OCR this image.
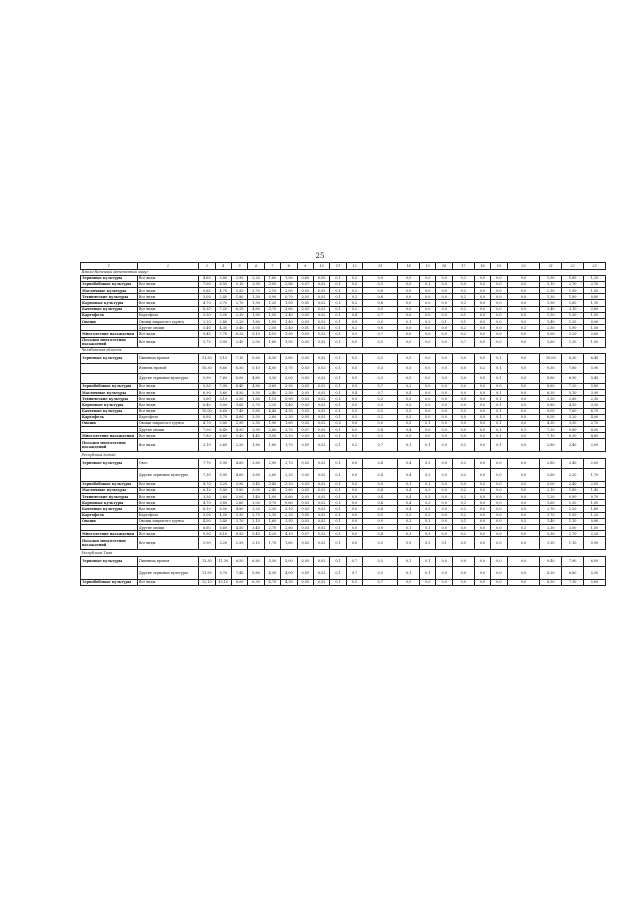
25
1	2	3	4	5	6	7	8	9	10	11	12	13	14	15	16	17	18	19	20	21	22	23
Ямало-Ненецкий автономный округ																						
Зерновые культуры	Все виды	4,60	3,80	2,90	2,20	1,60	1,50	0,60	0,05	0,1	0,2	0,9	0,0	0,0	0,0	0,2	0,0	0,0	0,0	1,90	1,60	1,20
Зернобобовые культуры	Все виды	7,00	6,50	5,10	3,90	3,00	2,86	0,07	0,02	0,1	0,0	0,5	0,0	0,1	0,0	0,0	0,0	0,0	0,0	3,10	2,70	2,10
Масличные культуры	Все виды	5,60	4,70	3,50	2,70	2,10	2,00	0,03	0,02	0,1	0,2	0,8	0,0	0,0	0,0	0,2	0,0	0,0	0,0	2,30	1,90	1,50
Технические культуры	Все виды	3,00	2,40	1,80	1,30	0,90	0,70	0,03	0,02	0,1	0,2	0,8	0,0	0,0	0,0	0,2	0,0	0,0	0,0	1,30	1,00	0,80
Кормовые культуры	Все виды	4,70	3,70	2,70	1,90	1,20	1,00	0,05	0,02	0,1	0,2	0,8	0,0	0,0	0,0	0,2	0,0	0,0	0,0	1,90	1,60	1,10
Бахчевые культуры	Все виды	8,30	7,20	6,20	4,60	3,70	3,60	0,03	0,02	0,1	0,2	0,5	0,0	0,0	0,0	0,2	0,0	0,0	0,0	3,40	3,10	2,60
Картофель	Картофель	3,50	3,00	2,30	1,90	1,50	1,40	0,03	0,02	0,1	0,4	0,7	0,0	0,0	0,0	0,1	0,0	0,0	0,0	1,50	1,30	1,00
Овощи	Овощи закрытого грунта	2,20	2,80	2,20	1,60	1,50	1,40	0,03	0,02	0,1	0,0	0,0	0,1	0,2	0,1	0,1	0,0	0,0	0,5	1,40	1,20	0,90
	Другие овощи	5,40	4,30	3,40	3,00	2,50	2,40	0,01	0,02	0,1	0,2	0,8	0,0	0,0	0,0	0,2	0,0	0,0	0,1	2,50	1,90	1,50
Многолетние насаждения	Все виды	9,40	7,70	6,20	5,10	4,10	3,90	0,03	0,02	0,1	0,3	0,7	0,0	0,0	0,0	0,2	0,0	0,0	0,0	3,90	3,20	2,60
Посадки многолетних насаждений	Все виды	3,70	3,00	2,40	2,00	1,60	1,50	0,03	0,02	0,1	0,0	0,5	0,0	0,0	0,0	0,7	0,0	0,0	0,0	1,60	1,30	1,00
Челябинская область																						
Зерновые культуры	Пшеница яровая	11,30	9,10	7,10	5,60	4,30	3,80	0,03	0,02	0,1	0,5	0,3	0,5	0,0	0,0	0,0	0,0	0,1	0,0	10,00	8,30	6,40
	Ячмень яровой	10,30	8,60	6,50	5,10	4,00	3,70	0,03	0,02	0,1	0,5	0,3	0,5	0,0	0,0	0,0	0,2	0,1	0,0	9,30	7,80	5,90
	Другие зерновые культуры	9,90	7,60	6,00	4,60	3,30	3,00	0,03	0,02	0,1	0,5	0,3	0,5	0,0	0,0	0,0	0,0	0,1	0,0	8,60	6,90	5,40
Зернобобовые культуры	Все виды	9,50	7,90	6,40	4,80	3,60	3,30	0,03	0,02	0,1	0,5	0,7	0,2	0,0	0,0	0,0	0,0	0,0	0,0	8,60	7,20	5,80
Масличные культуры	Все виды	6,90	5,60	4,50	3,50	2,40	2,30	0,03	0,02	0,1	0,4	0,7	0,4	0,0	0,0	0,0	0,0	0,1	0,0	6,30	5,10	3,90
Технические культуры	Все виды	3,60	3,10	2,50	1,60	1,10	0,90	0,03	0,02	0,1	0,5	0,3	0,5	0,0	0,0	0,0	0,0	0,1	0,0	3,30	2,80	2,30
Кормовые культуры	Все виды	6,40	5,00	3,60	2,70	2,20	1,40	0,03	0,02	0,1	0,5	0,3	0,5	0,0	0,0	0,0	0,0	0,1	0,0	5,80	4,50	3,30
Бахчевые культуры	Все виды	10,00	8,60	7,40	5,60	4,40	4,30	0,03	0,02	0,1	0,5	0,3	0,5	0,0	0,0	0,0	0,0	0,1	0,0	9,00	7,60	6,70
Картофель	Картофель	6,60	5,70	4,60	3,50	2,60	2,30	0,05	0,02	0,1	0,5	0,2	0,5	0,0	0,0	0,0	0,0	0,1	0,0	6,00	5,20	4,00
Овощи	Овощи закрытого грунта	4,70	3,80	2,90	2,50	1,90	1,60	0,03	0,02	0,0	0,0	0,0	0,5	0,1	0,0	0,0	0,0	0,1	0,0	4,30	3,50	2,70
	Другие овощи	7,90	6,40	4,90	3,90	2,80	2,70	0,07	0,02	0,1	0,5	0,4	0,4	0,0	0,0	0,0	0,0	0,1	0,1	7,20	5,80	4,50
Многолетние насаждения	Все виды	7,80	6,60	5,40	4,40	3,50	3,20	0,03	0,02	0,1	0,5	0,3	0,5	0,0	0,0	0,0	0,0	0,1	0,0	7,10	6,30	4,80
Посадки многолетних насаждений	Все виды	3,10	2,60	2,20	1,80	1,60	1,70	0,05	0,02	0,1	0,2	0,7	0,1	0,1	0,0	0,2	0,0	0,1	0,0	2,80	2,40	2,00
Республика Алтай																						
Зерновые культуры	Овес	7,70	5,90	4,60	3,60	2,90	2,70	0,03	0,02	0,1	0,0	0,4	0,4	0,3	0,0	0,2	0,0	0,0	0,0	2,80	2,40	2,00
	Другие зерновые культуры	7,30	5,90	4,60	3,60	2,60	2,20	0,03	0,02	0,1	0,0	0,4	0,4	0,3	0,0	0,2	0,0	0,0	0,0	2,60	2,20	1,70
Зернобобовые культуры	Все виды	4,70	3,20	3,90	3,40	3,40	3,20	0,03	0,02	0,1	0,0	0,9	0,1	0,1	0,0	0,0	0,0	0,0	0,0	3,00	2,40	2,00
Масличные культуры	Все виды	6,10	5,00	3,80	3,00	2,40	1,80	0,03	0,02	0,1	0,0	0,4	0,4	0,3	0,0	0,2	0,0	0,0	0,0	2,10	1,80	1,40
Технические культуры	Все виды	3,30	2,60	2,00	1,40	1,00	0,60	0,03	0,02	0,1	0,0	0,4	0,4	0,3	0,0	0,2	0,0	0,0	0,0	1,20	0,90	0,70
Кормовые культуры	Все виды	4,70	3,80	2,60	3,00	0,70	0,60	0,03	0,02	0,1	0,0	0,4	0,4	0,3	0,0	0,2	0,0	0,0	0,0	1,60	1,30	1,00
Бахчевые культуры	Все виды	8,10	6,50	4,80	3,20	2,30	2,10	0,03	0,02	0,1	0,0	0,4	0,4	0,3	0,0	0,2	0,0	0,0	0,0	2,70	2,20	1,60
Картофель	Картофель	5,00	4,50	3,30	2,70	2,30	2,20	0,05	0,02	0,1	0,0	0,5	0,2	0,3	0,0	0,2	0,0	0,0	0,0	1,70	1,50	1,20
Овощи	Овощи закрытого грунта	4,00	3,40	2,70	2,10	1,60	1,50	0,03	0,02	0,1	0,0	0,9	0,2	0,3	0,0	0,1	0,0	0,0	0,5	1,40	1,10	0,80
	Другие овощи	6,60	5,60	4,50	3,40	2,70	2,60	0,03	0,02	0,1	0,0	0,9	0,1	0,1	0,0	0,0	0,0	0,0	0,1	2,30	2,00	1,50
Многолетние насаждения	Все виды	9,90	8,10	6,50	5,40	4,20	4,10	0,07	0,02	0,1	0,0	0,4	0,3	0,3	0,0	0,2	0,0	0,0	0,0	3,30	2,70	2,20
Посадки многолетних насаждений	Все виды	3,90	3,20	2,50	2,10	1,70	1,60	0,03	0,02	0,1	0,0	0,3	0,9	0,3	0,1	0,0	0,0	0,0	0,0	1,30	1,10	0,90
Республика Тыва																						
Зерновые культуры	Пшеница яровая	13,30	11,30	8,50	6,80	5,50	5,00	0,05	0,02	0,1	0,7	0,3	0,1	0,1	0,0	0,0	0,0	0,0	0,0	9,40	7,90	6,00
	Другие зерновые культуры	11,50	9,70	7,40	5,80	4,30	4,00	0,05	0,02	0,1	0,7	0,3	0,1	0,1	0,0	0,0	0,0	0,0	0,0	8,20	6,80	5,30
Зернобобовые культуры	Все виды	12,10	10,10	8,00	6,30	4,70	4,30	0,05	0,02	0,1	0,5	0,7	0,0	0,0	0,0	0,0	0,0	0,0	0,0	8,50	7,10	5,60
